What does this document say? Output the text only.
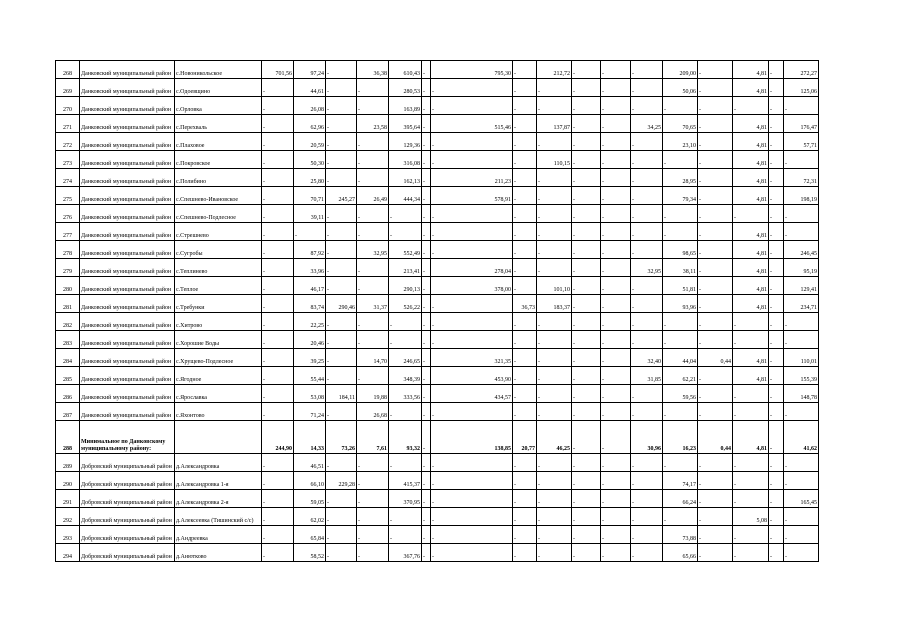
268	Данковский муниципальный район	с.Новоникольское	701,56	97,24	-	36,38	610,43	-	795,30	-	212,72	-	-	-	209,00	-	4,81	-	272,27
269	Данковский муниципальный район	с.Одоевщино	-	44,61	-	-	280,53	-	-	-	-	-	-	-	50,06	-	4,81	-	125,06
270	Данковский муниципальный район	с.Орловка	-	26,08	-	-	163,89	-	-	-	-	-	-	-	-	-	-	-	-
271	Данковский муниципальный район	с.Перехваль	-	62,96	-	23,58	395,64	-	515,46	-	137,87	-	-	34,25	70,65	-	4,81	-	176,47
272	Данковский муниципальный район	с.Плаховое	-	20,59	-	-	129,36	-	-	-	-	-	-	-	23,10	-	4,81	-	57,71
273	Данковский муниципальный район	с.Покровское	-	50,30	-	-	316,08	-	-	-	110,15	-	-	-	-	-	4,81	-	-
274	Данковский муниципальный район	с.Полибино	-	25,80	-	-	162,13	-	211,23	-	-	-	-	-	28,95	-	4,81	-	72,31
275	Данковский муниципальный район	с.Спешнево-Ивановское	-	70,71	245,27	26,49	444,34	-	578,91	-	-	-	-	-	79,34	-	4,81	-	198,19
276	Данковский муниципальный район	с.Спешнево-Подлесное	-	39,11	-	-	-	-	-	-	-	-	-	-	-	-	-	-	-
277	Данковский муниципальный район	с.Стрешнево	-	-	-	-	-	-	-	-	-	-	-	-	-	-	4,81	-	-
278	Данковский муниципальный район	с.Сугробы	-	87,92	-	32,95	552,49	-	-	-	-	-	-	-	98,65	-	4,81	-	246,45
279	Данковский муниципальный район	с.Теплинево	-	33,96	-	-	213,41	-	278,04	-	-	-	-	32,95	38,11	-	4,81	-	95,19
280	Данковский муниципальный район	с.Теплое	-	46,17	-	-	290,13	-	378,00	-	101,10	-	-	-	51,81	-	4,81	-	129,41
281	Данковский муниципальный район	с.Требунки	-	83,74	290,46	31,37	526,22	-	-	36,73	183,37	-	-	-	93,96	-	4,81	-	234,71
282	Данковский муниципальный район	с.Хитрово	-	22,25	-	-	-	-	-	-	-	-	-	-	-	-	-	-	-
283	Данковский муниципальный район	с.Хорошие Воды	-	20,46	-	-	-	-	-	-	-	-	-	-	-	-	-	-	-
284	Данковский муниципальный район	с.Хрущево-Подлесное	-	39,25	-	14,70	246,65	-	321,35	-	-	-	-	32,40	44,04	0,44	4,81	-	110,01
285	Данковский муниципальный район	с.Ягодное	-	55,44	-	-	348,39	-	453,90	-	-	-	-	31,85	62,21	-	4,81	-	155,39
286	Данковский муниципальный район	с.Ярославка	-	53,08	184,11	19,88	333,56	-	434,57	-	-	-	-	-	59,56	-	-	-	148,78
287	Данковский муниципальный район	с.Яхонтово	-	71,24	-	26,68	-	-	-	-	-	-	-	-	-	-	-	-	-
288	Минимальное по Данковскому муниципальному району:		244,90	14,33	73,26	7,61	93,32	-	138,85	20,77	46,25	-	-	30,96	16,23	0,44	4,81	-	41,62
289	Добровский муниципальный район	д.Александровка	-	46,51	-	-	-	-	-	-	-	-	-	-	-	-	-	-	-
290	Добровский муниципальный район	д.Александровка 1-я	-	66,10	229,28	-	415,37	-	-	-	-	-	-	-	74,17	-	-	-	-
291	Добровский муниципальный район	д.Александровка 2-я	-	59,05	-	-	370,95	-	-	-	-	-	-	-	66,24	-	-	-	165,45
292	Добровский муниципальный район	д.Алексеевка (Тишинский с/с)	-	62,02	-	-	-	-	-	-	-	-	-	-	-	-	5,08	-	-
293	Добровский муниципальный район	д.Андреевка	-	65,84	-	-	-	-	-	-	-	-	-	-	73,88	-	-	-	-
294	Добровский муниципальный район	д.Анютково	-	58,52	-	-	367,76	-	-	-	-	-	-	-	65,66	-	-	-	-
